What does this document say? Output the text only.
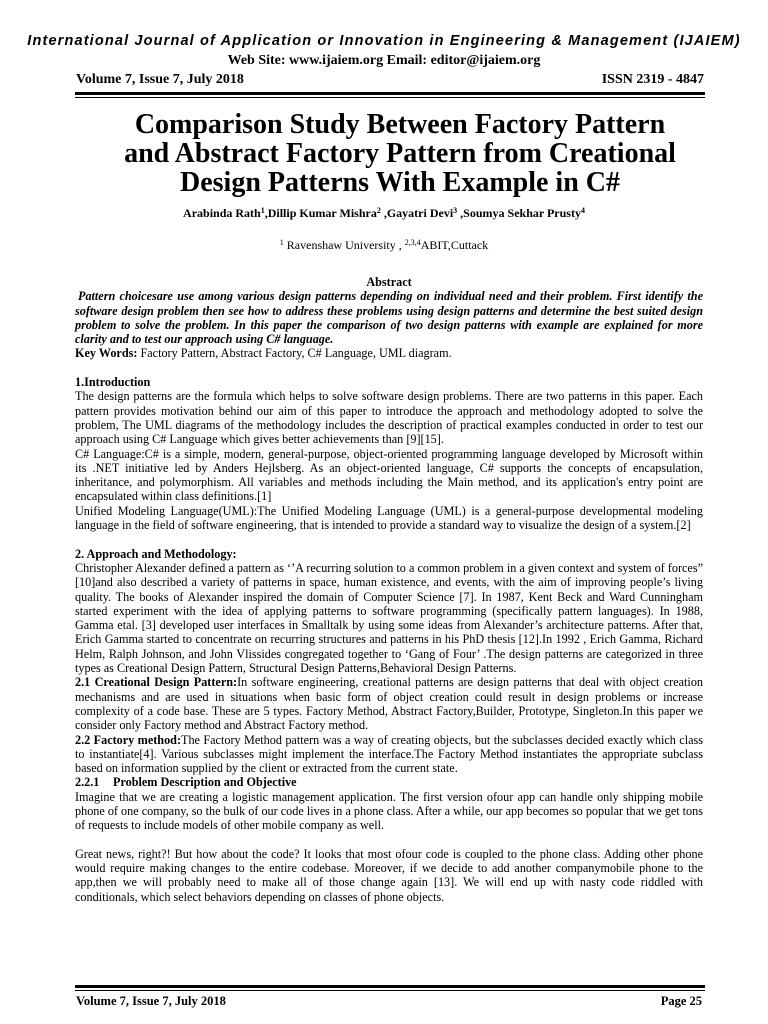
International Journal of Application or Innovation in Engineering & Management (IJAIEM)
Web Site: www.ijaiem.org Email: editor@ijaiem.org
Volume 7, Issue 7, July 2018	ISSN 2319 - 4847
Comparison Study Between Factory Pattern
and Abstract Factory Pattern from Creational
Design Patterns With Example in C#
Arabinda Rath$^1$,Dillip Kumar Mishra$^2$ ,Gayatri Devi$^3$ ,Soumya Sekhar Prusty$^4$
$^1$ Ravenshaw University , $^{2,3,4}$ABIT,Cuttack

Abstract

Pattern choicesare use among various design patterns depending on individual need and their problem. First identify the software design problem then see how to address these problems using design patterns and determine the best suited design problem to solve the problem. In this paper the comparison of two design patterns with example are explained for more clarity and to test our approach using C# language.

Key Words: Factory Pattern, Abstract Factory, C# Language, UML diagram.

1.Introduction

The design patterns are the formula which helps to solve software design problems. There are two patterns in this paper. Each pattern provides motivation behind our aim of this paper to introduce the approach and methodology adopted to solve the problem, The UML diagrams of the methodology includes the description of practical examples conducted in order to test our approach using C# Language which gives better achievements than [9][15].

C# Language:C# is a simple, modern, general-purpose, object-oriented programming language developed by Microsoft within its .NET initiative led by Anders Hejlsberg. As an object-oriented language, C# supports the concepts of encapsulation, inheritance, and polymorphism. All variables and methods including the Main method, and its application's entry point are encapsulated within class definitions.[1]

Unified Modeling Language(UML):The Unified Modeling Language (UML) is a general-purpose developmental modeling language in the field of software engineering, that is intended to provide a standard way to visualize the design of a system.[2]

2. Approach and Methodology:

Christopher Alexander defined a pattern as ‘’A recurring solution to a common problem in a given context and system of forces” [10]and also described a variety of patterns in space, human existence, and events, with the aim of improving people’s living quality. The books of Alexander inspired the domain of Computer Science [7]. In 1987, Kent Beck and Ward Cunningham started experiment with the idea of applying patterns to software programming (specifically pattern languages). In 1988, Gamma etal. [3] developed user interfaces in Smalltalk by using some ideas from Alexander’s architecture patterns. After that, Erich Gamma started to concentrate on recurring structures and patterns in his PhD thesis [12].In 1992 , Erich Gamma, Richard Helm, Ralph Johnson, and John Vlissides congregated together to ‘Gang of Four’ .The design patterns are categorized in three types as Creational Design Pattern, Structural Design Patterns,Behavioral Design Patterns.

2.1 Creational Design Pattern:In software engineering, creational patterns are design patterns that deal with object creation mechanisms and are used in situations when basic form of object creation could result in design problems or increase complexity of a code base. These are 5 types. Factory Method, Abstract Factory,Builder, Prototype, Singleton.In this paper we consider only Factory method and Abstract Factory method.

2.2 Factory method:The Factory Method pattern was a way of creating objects, but the subclasses decided exactly which class to instantiate[4]. Various subclasses might implement the interface.The Factory Method instantiates the appropriate subclass based on information supplied by the client or extracted from the current state.

2.2.1 Problem Description and Objective

Imagine that we are creating a logistic management application. The first version ofour app can handle only shipping mobile phone of one company, so the bulk of our code lives in a phone class. After a while, our app becomes so popular that we get tons of requests to include models of other mobile company as well.

Great news, right?! But how about the code? It looks that most ofour code is coupled to the phone class. Adding other phone would require making changes to the entire codebase. Moreover, if we decide to add another companymobile phone to the app,then we will probably need to make all of those change again [13]. We will end up with nasty code riddled with conditionals, which select behaviors depending on classes of phone objects.

Volume 7, Issue 7, July 2018	Page 25
